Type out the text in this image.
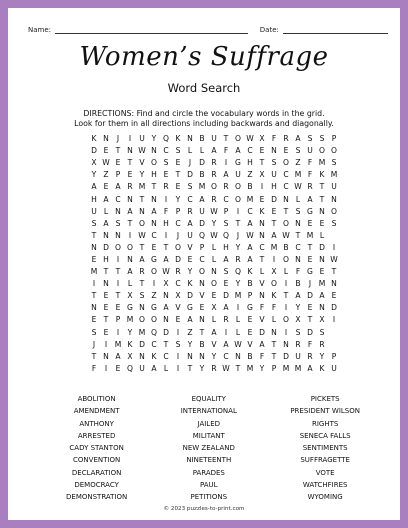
Name:	Date:
Women’s Suffrage
Word Search
DIRECTIONS: Find and circle the vocabulary words in the grid.
Look for them in all directions including backwards and diagonally.
K	N	J	I	U	Y	Q	K	N	B	U	T	O	W	X	F	R	A	S	S	P
D	E	T	N	W	N	C	S	L	L	A	F	A	C	E	N	E	S	U	O	O
X	W	E	T	V	O	S	E	J	D	R	I	G	H	T	S	O	Z	F	M	S
Y	Z	P	E	Y	H	E	T	D	B	R	A	U	Z	X	U	C	M	F	K	M
A	E	A	R	M	T	R	E	S	M	O	R	O	B	I	H	C	W	R	T	U
H	A	C	N	T	N	I	Y	C	A	R	C	O	M	E	D	N	L	A	T	N
U	L	N	A	N	A	F	P	R	U	W	P	I	C	K	E	T	S	G	N	O
S	A	S	T	O	N	H	C	A	D	Y	S	T	A	N	T	O	N	E	E	S
T	N	N	I	W	C	I	J	U	Q	W	Q	J	W	N	A	W	T	M	L	
N	D	O	O	T	E	T	O	V	P	L	H	Y	A	C	M	B	C	T	D	I
E	H	I	N	A	G	A	D	E	C	L	A	R	A	T	I	O	N	E	N	W
M	T	T	A	R	O	W	R	Y	O	N	S	Q	K	L	X	L	F	G	E	T
I	N	I	L	T	I	X	C	K	N	O	E	Y	B	V	O	I	B	J	M	N
T	E	T	X	S	Z	N	X	D	V	E	D	M	P	N	K	T	A	D	A	E
N	E	E	G	N	G	A	V	G	E	X	A	I	G	F	F	I	Y	E	N	D
E	T	P	M	O	O	N	E	A	N	L	R	L	E	V	L	O	X	T	X	I
S	E	I	Y	M	Q	D	I	Z	T	A	I	L	E	D	N	I	S	D	S	
J	I	M	K	D	C	T	S	Y	B	V	A	W	V	A	T	N	R	F	R	
T	N	A	X	N	K	C	I	N	N	Y	C	N	B	F	T	D	U	R	Y	P
F	I	E	Q	U	A	L	I	T	Y	R	W	T	M	Y	P	M	M	A	K	U
ABOLITION
AMENDMENT
ANTHONY
ARRESTED
CADY STANTON
CONVENTION
DECLARATION
DEMOCRACY
DEMONSTRATION
EQUALITY
INTERNATIONAL
JAILED
MILITANT
NEW ZEALAND
NINETEENTH
PARADES
PAUL
PETITIONS
PICKETS
PRESIDENT WILSON
RIGHTS
SENECA FALLS
SENTIMENTS
SUFFRAGETTE
VOTE
WATCHFIRES
WYOMING
© 2023 puzzles-to-print.com
